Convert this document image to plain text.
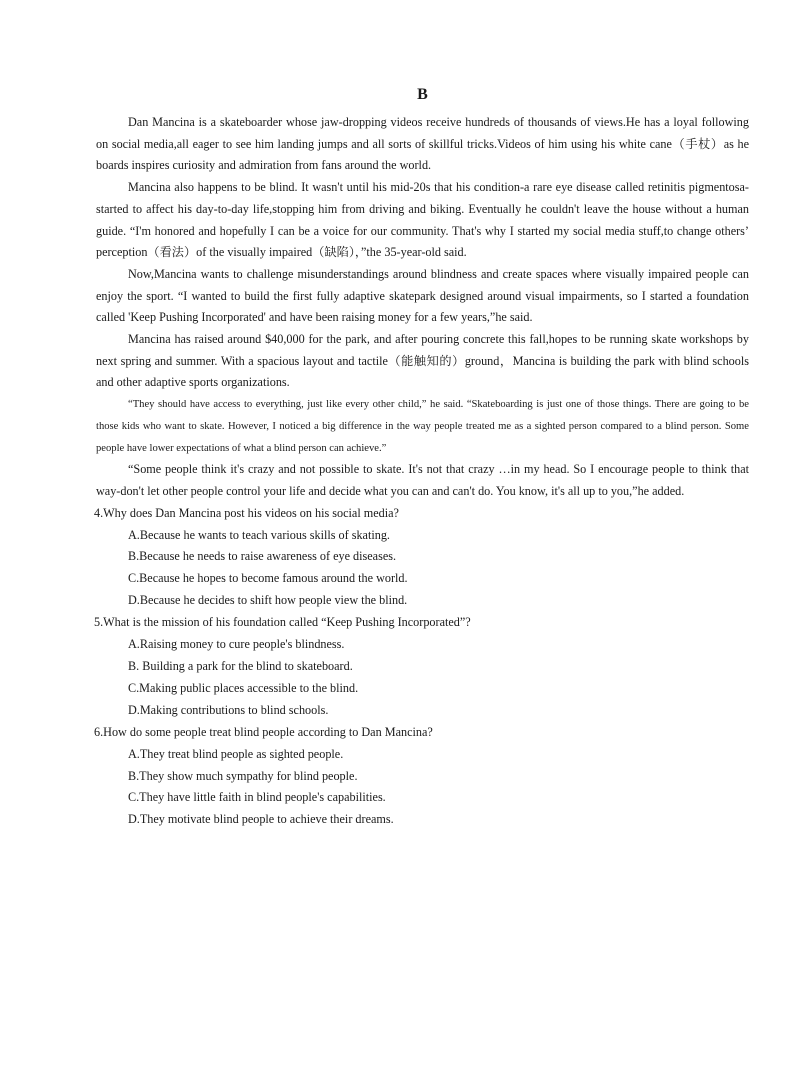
B

Dan Mancina is a skateboarder whose jaw-dropping videos receive hundreds of thousands of views.He has a loyal following on social media,all eager to see him landing jumps and all sorts of skillful tricks.Videos of him using his white cane（手杖）as he boards inspires curiosity and admiration from fans around the world.

Mancina also happens to be blind. It wasn't until his mid-20s that his condition-a rare eye disease called retinitis pigmentosa-started to affect his day-to-day life,stopping him from driving and biking. Eventually he couldn't leave the house without a human guide. “I'm honored and hopefully I can be a voice for our community. That's why I started my social media stuff,to change others’ perception（看法）of the visually impaired（缺陷），”the 35-year-old said.

Now,Mancina wants to challenge misunderstandings around blindness and create spaces where visually impaired people can enjoy the sport. “I wanted to build the first fully adaptive skatepark designed around visual impairments, so I started a foundation called 'Keep Pushing Incorporated' and have been raising money for a few years,”he said.

Mancina has raised around $40,000 for the park, and after pouring concrete this fall,hopes to be running skate workshops by next spring and summer. With a spacious layout and tactile（能触知的）ground，Mancina is building the park with blind schools and other adaptive sports organizations.

“They should have access to everything, just like every other child,” he said. “Skateboarding is just one of those things. There are going to be those kids who want to skate. However, I noticed a big difference in the way people treated me as a sighted person compared to a blind person. Some people have lower expectations of what a blind person can achieve.”

“Some people think it's crazy and not possible to skate. It's not that crazy …in my head. So I encourage people to think that way-don't let other people control your life and decide what you can and can't do. You know, it's all up to you,”he added.

4.Why does Dan Mancina post his videos on his social media?

A.Because he wants to teach various skills of skating.

B.Because he needs to raise awareness of eye diseases.

C.Because he hopes to become famous around the world.

D.Because he decides to shift how people view the blind.

5.What is the mission of his foundation called “Keep Pushing Incorporated”?

A.Raising money to cure people's blindness.

B. Building a park for the blind to skateboard.

C.Making public places accessible to the blind.

D.Making contributions to blind schools.

6.How do some people treat blind people according to Dan Mancina?

A.They treat blind people as sighted people.

B.They show much sympathy for blind people.

C.They have little faith in blind people's capabilities.

D.They motivate blind people to achieve their dreams.
